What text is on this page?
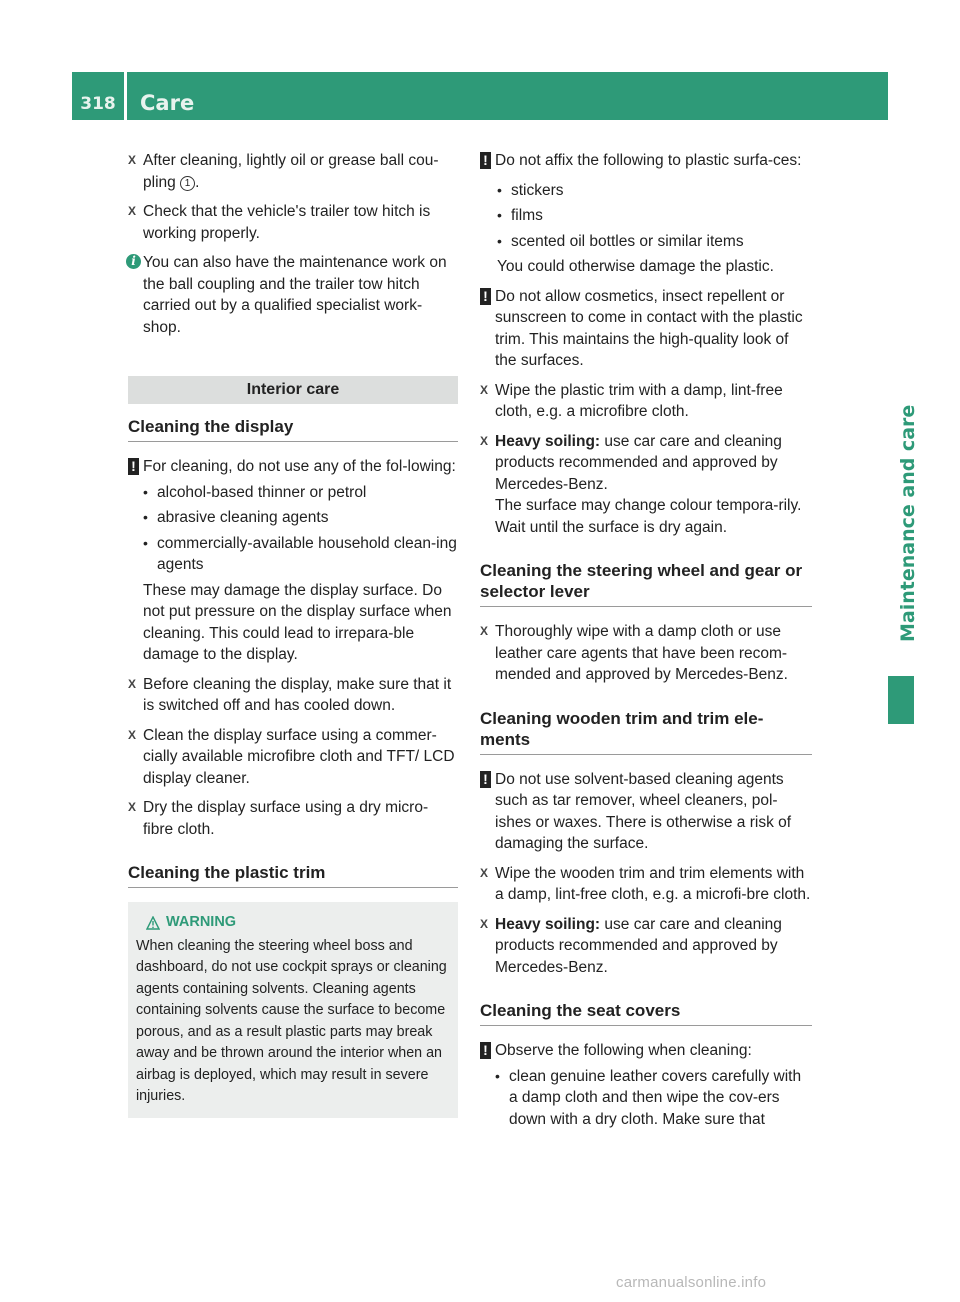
318	Care
Maintenance and care
X After cleaning, lightly oil or grease ball cou- pling 1 .

X Check that the vehicle's trailer tow hitch is working properly.

i You can also have the maintenance work on the ball coupling and the trailer tow hitch carried out by a qualified specialist work-shop.

Interior care
Cleaning the display
! For cleaning, do not use any of the fol-lowing:

• alcohol-based thinner or petrol
• abrasive cleaning agents
• commercially-available household clean-ing agents

These may damage the display surface. Do not put pressure on the display surface when cleaning. This could lead to irrepara-ble damage to the display.

X Before cleaning the display, make sure that it is switched off and has cooled down.

X Clean the display surface using a commer-cially available microfibre cloth and TFT/ LCD display cleaner.

X Dry the display surface using a dry micro-fibre cloth.

Cleaning the plastic trim
WARNING
When cleaning the steering wheel boss and dashboard, do not use cockpit sprays or cleaning agents containing solvents. Cleaning agents containing solvents cause the surface to become porous, and as a result plastic parts may break away and be thrown around the interior when an airbag is deployed, which may result in severe injuries.
! Do not affix the following to plastic surfa-ces:

• stickers
• films
• scented oil bottles or similar items

You could otherwise damage the plastic.

! Do not allow cosmetics, insect repellent or sunscreen to come in contact with the plastic trim. This maintains the high-quality look of the surfaces.

X Wipe the plastic trim with a damp, lint-free cloth, e.g. a microfibre cloth.

X Heavy soiling: use car care and cleaning products recommended and approved by Mercedes-Benz.

The surface may change colour tempora-rily. Wait until the surface is dry again.

Cleaning the steering wheel and gear or selector lever
X Thoroughly wipe with a damp cloth or use leather care agents that have been recom-mended and approved by Mercedes-Benz.

Cleaning wooden trim and trim ele-ments
! Do not use solvent-based cleaning agents such as tar remover, wheel cleaners, pol-ishes or waxes. There is otherwise a risk of damaging the surface.

X Wipe the wooden trim and trim elements with a damp, lint-free cloth, e.g. a microfi-bre cloth.

X Heavy soiling: use car care and cleaning products recommended and approved by Mercedes-Benz.

Cleaning the seat covers
! Observe the following when cleaning:

• clean genuine leather covers carefully with a damp cloth and then wipe the cov-ers down with a dry cloth. Make sure that
carmanualsonline.info
